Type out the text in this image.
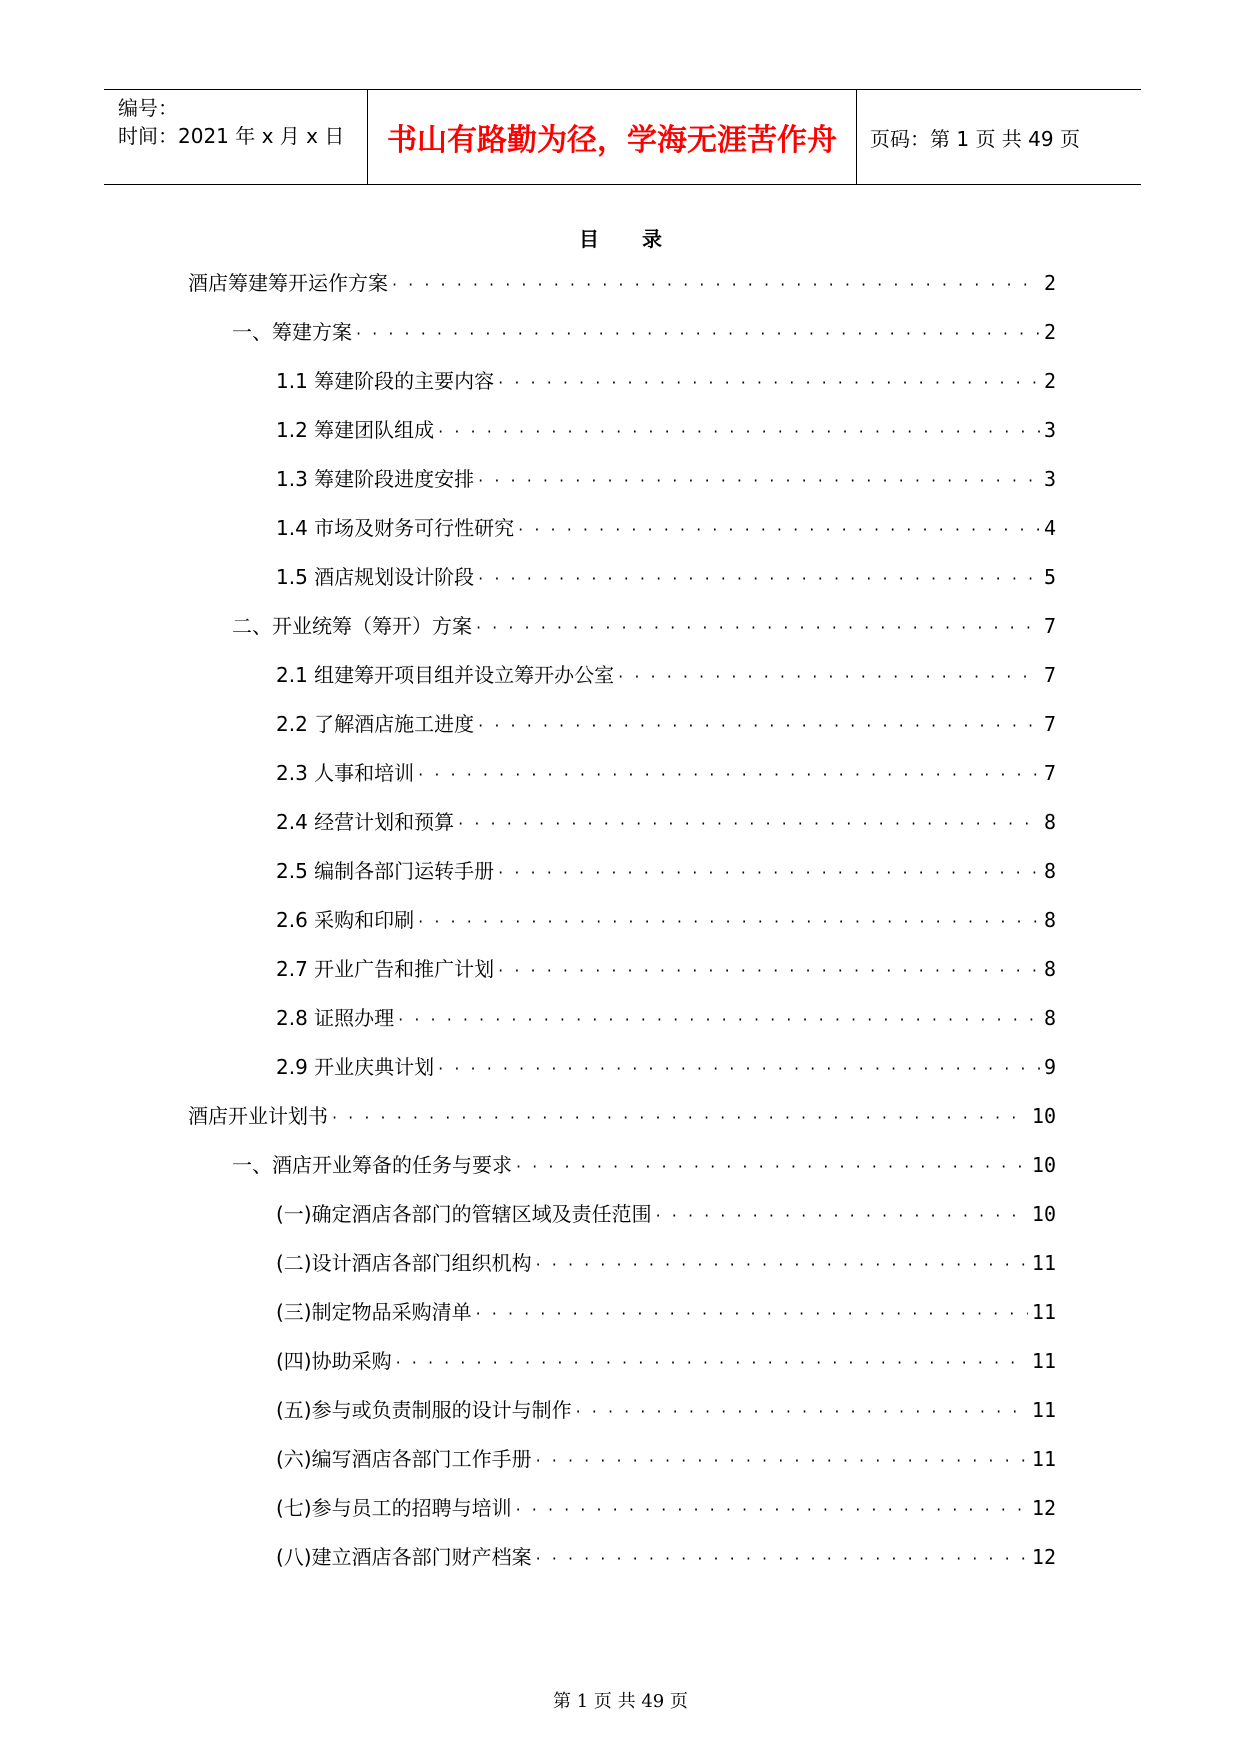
编号：
时间：2021 年 x 月 x 日	书山有路勤为径，学海无涯苦作舟	页码：第 1 页 共 49 页
目 录
酒店筹建筹开运作方案 · · ·	2
一、筹建方案 · · ·	2
1.1 筹建阶段的主要内容 · · ·	2
1.2 筹建团队组成 · · ·	3
1.3 筹建阶段进度安排 · · ·	3
1.4 市场及财务可行性研究 · · ·	4
1.5 酒店规划设计阶段 · · ·	5
二、开业统筹（筹开）方案 · · ·	7
2.1 组建筹开项目组并设立筹开办公室 · · ·	7
2.2 了解酒店施工进度 · · ·	7
2.3 人事和培训 · · ·	7
2.4 经营计划和预算 · · ·	8
2.5 编制各部门运转手册 · · ·	8
2.6 采购和印刷 · · ·	8
2.7 开业广告和推广计划 · · ·	8
2.8 证照办理 · · ·	8
2.9 开业庆典计划 · · ·	9
酒店开业计划书 · · ·	10
一、酒店开业筹备的任务与要求 · · ·	10
(一)确定酒店各部门的管辖区域及责任范围 · · ·	10
(二)设计酒店各部门组织机构 · · ·	11
(三)制定物品采购清单 · · ·	11
(四)协助采购 · · ·	11
(五)参与或负责制服的设计与制作 · · ·	11
(六)编写酒店各部门工作手册 · · ·	11
(七)参与员工的招聘与培训 · · ·	12
(八)建立酒店各部门财产档案 · · ·	12
第 1 页 共 49 页
